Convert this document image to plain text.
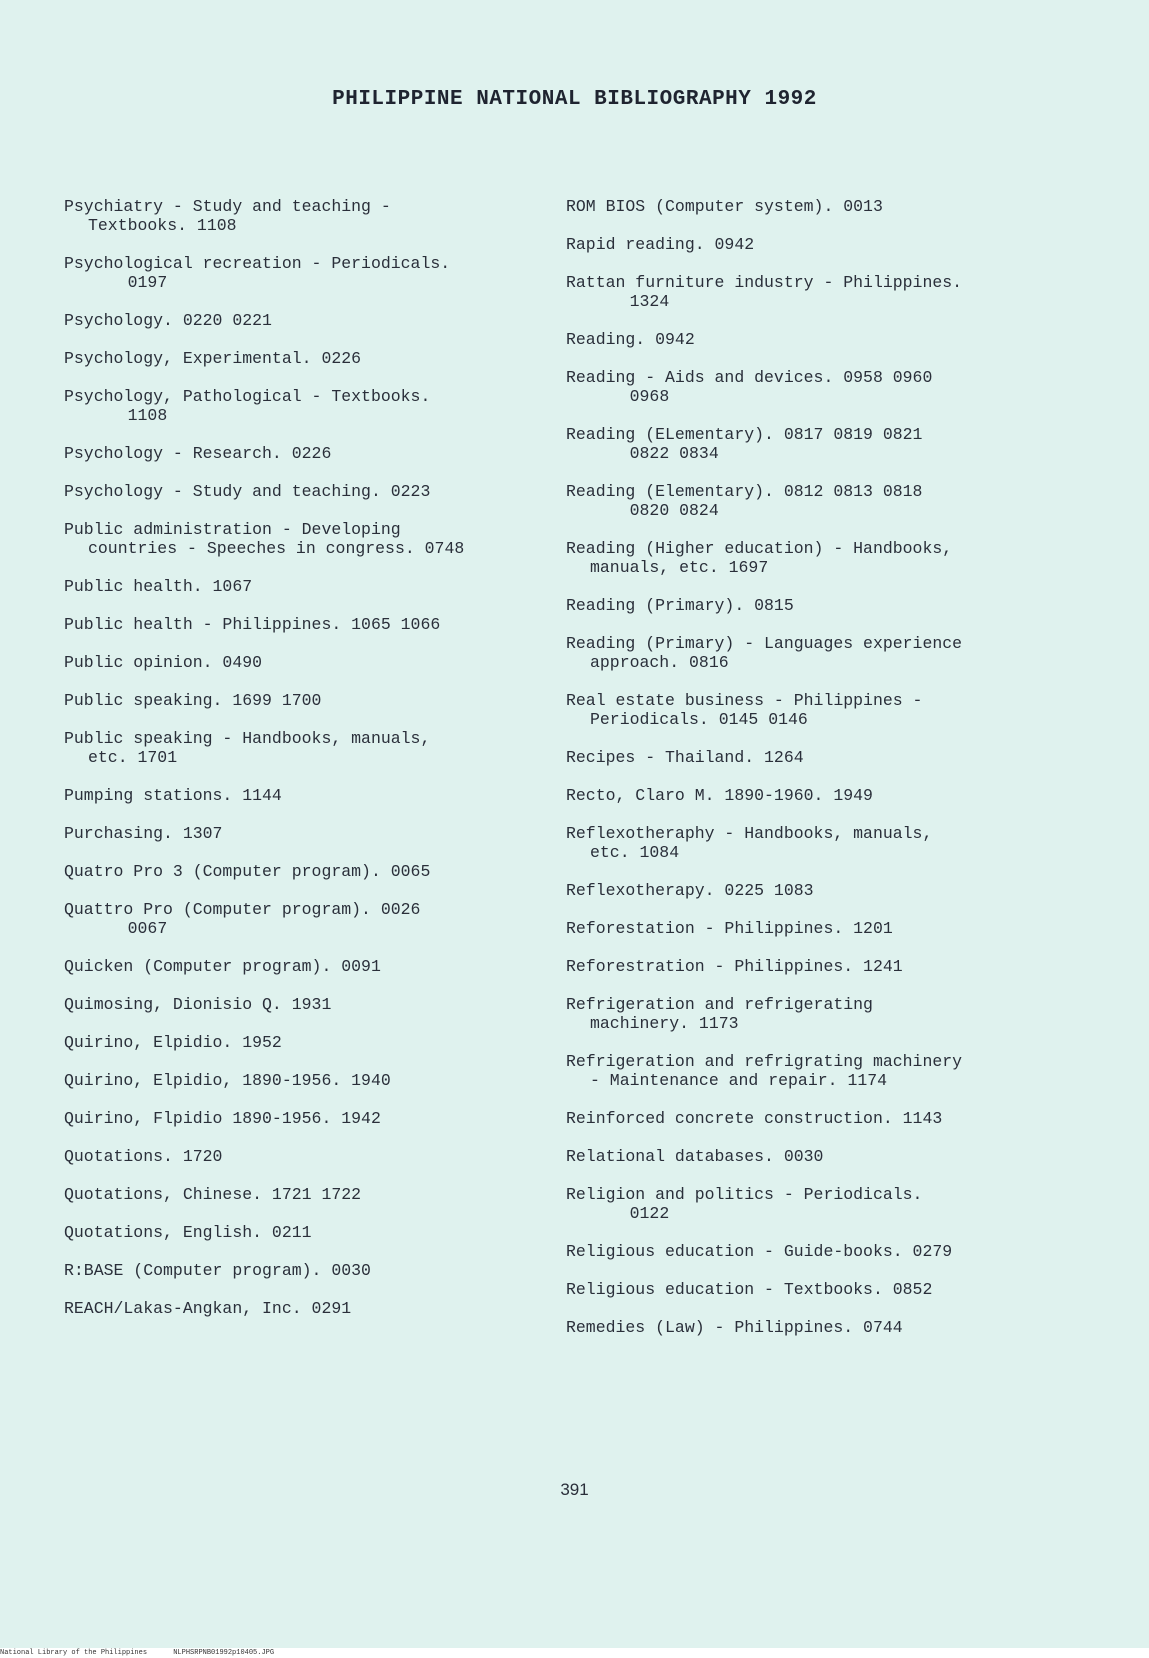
PHILIPPINE NATIONAL BIBLIOGRAPHY 1992

Psychiatry - Study and teaching -
Textbooks. 1108

Psychological recreation - Periodicals.
0197

Psychology. 0220 0221

Psychology, Experimental. 0226

Psychology, Pathological - Textbooks.
1108

Psychology - Research. 0226

Psychology - Study and teaching. 0223

Public administration - Developing
countries - Speeches in congress. 0748

Public health. 1067

Public health - Philippines. 1065 1066

Public opinion. 0490

Public speaking. 1699 1700

Public speaking - Handbooks, manuals,
etc. 1701

Pumping stations. 1144

Purchasing. 1307

Quatro Pro 3 (Computer program). 0065

Quattro Pro (Computer program). 0026
0067

Quicken (Computer program). 0091

Quimosing, Dionisio Q. 1931

Quirino, Elpidio. 1952

Quirino, Elpidio, 1890-1956. 1940

Quirino, Flpidio 1890-1956. 1942

Quotations. 1720

Quotations, Chinese. 1721 1722

Quotations, English. 0211

R:BASE (Computer program). 0030

REACH/Lakas-Angkan, Inc. 0291

ROM BIOS (Computer system). 0013

Rapid reading. 0942

Rattan furniture industry - Philippines.
1324

Reading. 0942

Reading - Aids and devices. 0958 0960
0968

Reading (ELementary). 0817 0819 0821
0822 0834

Reading (Elementary). 0812 0813 0818
0820 0824

Reading (Higher education) - Handbooks,
manuals, etc. 1697

Reading (Primary). 0815

Reading (Primary) - Languages experience
approach. 0816

Real estate business - Philippines -
Periodicals. 0145 0146

Recipes - Thailand. 1264

Recto, Claro M. 1890-1960. 1949

Reflexotheraphy - Handbooks, manuals,
etc. 1084

Reflexotherapy. 0225 1083

Reforestation - Philippines. 1201

Reforestration - Philippines. 1241

Refrigeration and refrigerating
machinery. 1173

Refrigeration and refrigrating machinery
- Maintenance and repair. 1174

Reinforced concrete construction. 1143

Relational databases. 0030

Religion and politics - Periodicals.
0122

Religious education - Guide-books. 0279

Religious education - Textbooks. 0852

Remedies (Law) - Philippines. 0744

391
National Library of the Philippines	NLPHSRPNB01992p10405.JPG
